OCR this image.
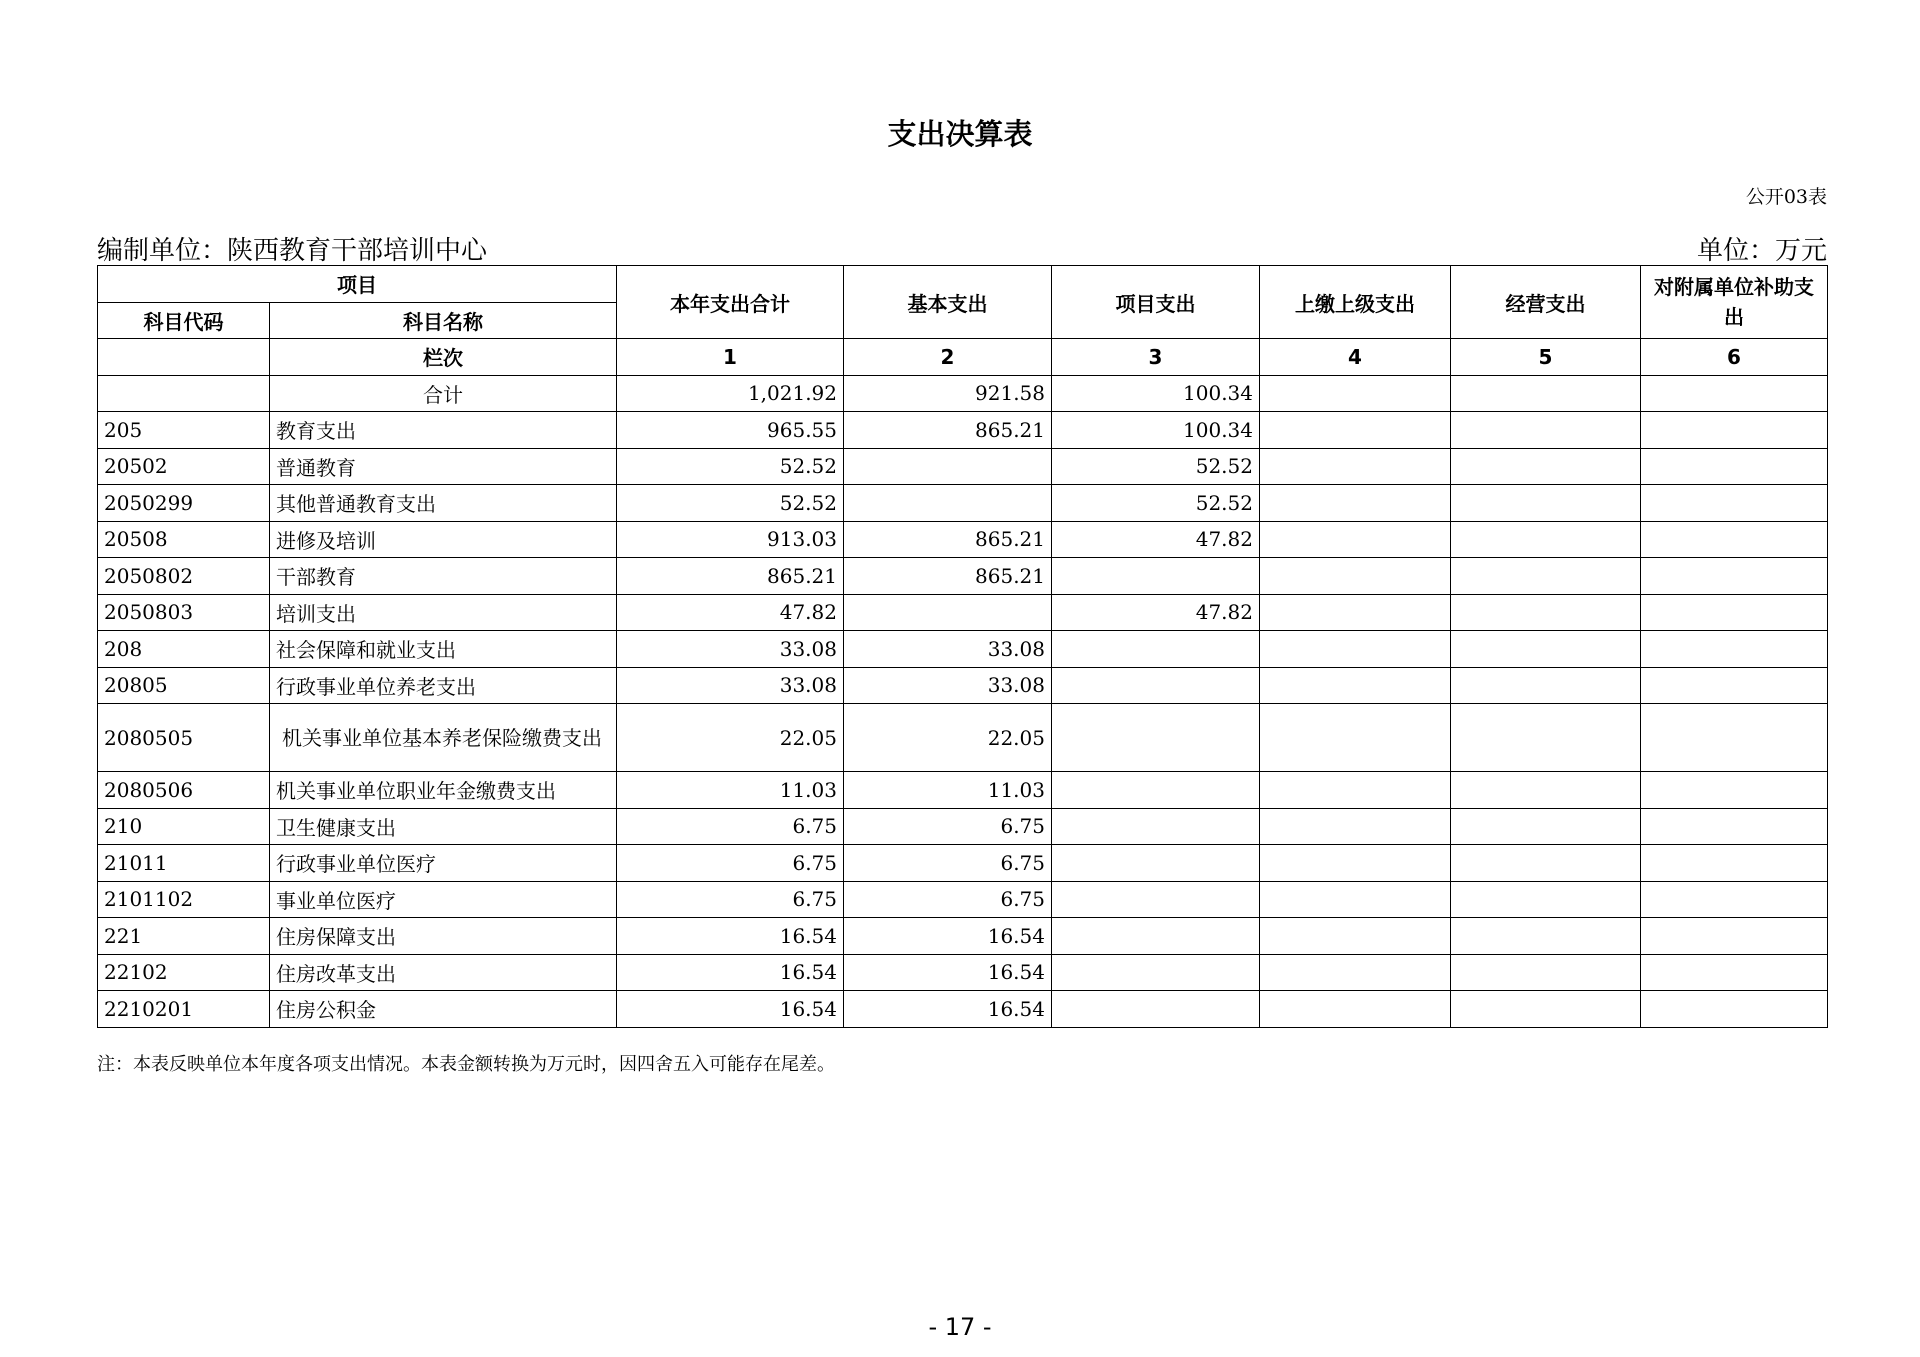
支出决算表
公开03表
编制单位：陕西教育干部培训中心	单位：万元
项目		本年支出合计	基本支出	项目支出	上缴上级支出	经营支出	对附属单位补助支出
科目代码	科目名称						
	栏次	1	2	3	4	5	6
	合计	1,021.92	921.58	100.34			
205	教育支出	965.55	865.21	100.34			
20502	普通教育	52.52		52.52			
2050299	其他普通教育支出	52.52		52.52			
20508	进修及培训	913.03	865.21	47.82			
2050802	干部教育	865.21	865.21				
2050803	培训支出	47.82		47.82			
208	社会保障和就业支出	33.08	33.08				
20805	行政事业单位养老支出	33.08	33.08				
2080505	机关事业单位基本养老保险缴费支出	22.05	22.05				
2080506	机关事业单位职业年金缴费支出	11.03	11.03				
210	卫生健康支出	6.75	6.75				
21011	行政事业单位医疗	6.75	6.75				
2101102	事业单位医疗	6.75	6.75				
221	住房保障支出	16.54	16.54				
22102	住房改革支出	16.54	16.54				
2210201	住房公积金	16.54	16.54				
注：本表反映单位本年度各项支出情况。本表金额转换为万元时，因四舍五入可能存在尾差。
- 17 -
